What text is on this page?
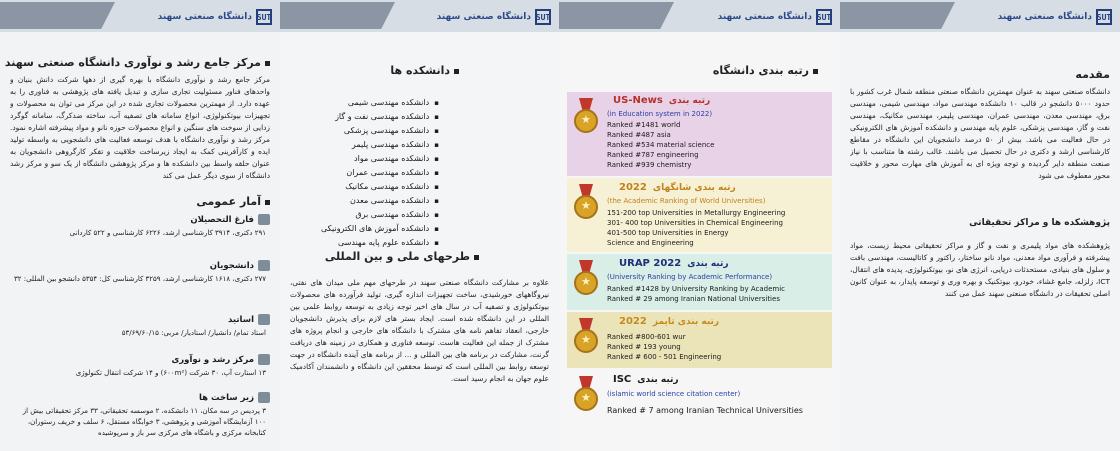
SUT
دانشگاه صنعتی سهند
مرکز جامع رشد و نوآوری دانشگاه صنعتی سهند

مرکز جامع رشد و نوآوری دانشگاه با بهره گیری از دهها شرکت دانش بنیان و واحدهای فناور مسئولیت تجاری سازی و تبدیل یافته های پژوهشی به فناوری را به عهده دارد. از مهمترین محصولات تجاری شده در این مرکز می توان به محصولات و تجهیزات بیوتکنولوژی، انواع سامانه های تصفیه آب، ساخته ضدکرگ، سامانه گوگرد زدایی از سوخت های سنگین و انواع محصولات حوزه نانو و مواد پیشرفته اشاره نمود. مرکز رشد و نوآوری دانشگاه با هدف توسعه فعالیت های دانشجویی به واسطه تولید ایده و کارآفرینی کمک به ایجاد زیرساخت خلاقیت و تفکر کارگروهی دانشجویان به عنوان حلقه واسط بین دانشکده ها و مرکز پژوهشی دانشگاه از یک سو و مرکز رشد دانشگاه از سوی دیگر عمل می کند

آمار عمومی
فارغ التحصیلان
۲۹۱ دکتری، ۳۹۱۴ کارشناسی ارشد، ۶۲۲۶ کارشناسی و ۵۲۲ کاردانی
دانشجویان
۲۷۷ دکتری، ۱۶۱۸ کارشناسی ارشد، ۳۲۵۹ کارشناسی کل: ۵۳۵۴ دانشجو بین المللی: ۳۲
اساتید
استاد تمام/ دانشیار/ استادیار/ مربی: ۵۳/۶۹/۶۰/۱۵
مرکز رشد و نوآوری
۱۳ استارت آپ، ۳۰ شرکت (۶۰۰m²) و ۱۴ شرکت انتقال تکنولوژی
زیر ساخت ها
۳ پردیس در سه مکان، ۱۱ دانشکده، ۲ موسسه تحقیقاتی، ۳۳ مرکز تحقیقاتی بیش از ۱۰۰ آزمایشگاه آموزشی و پژوهشی، ۳ خوابگاه مستقل، ۶ سلف و خریف رستوران، کتابخانه مرکزی و باشگاه های مرکزی سر باز و سرپوشیده
SUT
دانشگاه صنعتی سهند
دانشکده ها
▪ دانشکده مهندسی شیمی
▪ دانشکده مهندسی نفت و گاز
▪ دانشکده مهندسی پزشکی
▪ دانشکده مهندسی پلیمر
▪ دانشکده مهندسی مواد
▪ دانشکده مهندسی عمران
▪ دانشکده مهندسی مکانیک
▪ دانشکده مهندسی معدن
▪ دانشکده مهندسی برق
▪ دانشکده آموزش های الکترونیکی
▪ دانشکده علوم پایه مهندسی
طرحهای ملی و بین المللی

علاوه بر مشارکت دانشگاه صنعتی سهند در طرحهای مهم ملی میدان های نفتی، نیروگاههای خورشیدی، ساخت تجهیزات اندازه گیری، تولید فرآورده های محصولات بیوتکنولوژی و تصفیه آب در سال های اخیر توجه زیادی به توسعه روابط علمی بین المللی در این دانشگاه شده است. ایجاد بستر های لازم برای پذیرش دانشجویان خارجی، انعقاد تفاهم نامه های مشترک با دانشگاه های خارجی و انجام پروژه های مشترک از جمله این فعالیت هاست. توسعه فناوری و همکاری در زمینه های دریافت گرنت، مشارکت در برنامه های بین المللی و ... از برنامه های آینده دانشگاه در جهت توسعه روابط بین المللی است که توسط محققین این دانشگاه و دانشمندان آکادمیک علوم جهان به انجام رسید است.

SUT
دانشگاه صنعتی سهند
رتبه بندی دانشگاه
★
US-News رتبه بندی
(in Education system in 2022)
Ranked #1481 world
Ranked #487 asia
Ranked #534 material science
Ranked #787 engineering
Ranked #939 chemistry
★
2022 رتبه بندی شانگهای
(the Academic Ranking of World Universities)
151-200 top Universities in Metallurgy Engineering
301- 400 top Universities in Chemical Engineering
401-500 top Universities in Energy
Science and Engineering
★
URAP 2022 رتبه بندی
(University Ranking by Academic Performance)
Ranked #1428 by University Ranking by Academic
Ranked # 29 among Iranian National Universities
★
2022 رتبه بندی تایمز
Ranked #800-601 wur
Ranked # 193 young
Ranked # 600 - 501 Engineering
★
ISC رتبه بندی
(islamic world science citation center)
Ranked # 7 among Iranian Technical Universities
SUT
دانشگاه صنعتی سهند
مقدمه

دانشگاه صنعتی سهند به عنوان مهمترین دانشگاه صنعتی منطقه شمال غرب کشور با حدود ۵۰۰۰ دانشجو در قالب ۱۰ دانشکده مهندسی مواد، مهندسی شیمی، مهندسی برق، مهندسی معدن، مهندسی عمران، مهندسی پلیمر، مهندسی مکانیک، مهندسی نفت و گاز، مهندسی پزشکی، علوم پایه مهندسی و دانشکده آموزش های الکترونیکی در حال فعالیت می باشد. بیش از ۵۰ درصد دانشجویان این دانشگاه در مقاطع کارشناسی ارشد و دکتری در حال تحصیل می باشند. غالب رشته ها متناسب با نیاز صنعت منطقه دایر گردیده و توجه ویژه ای به آموزش های مهارت محور و خلاقیت محور معطوف می شود

پژوهشکده ها و مراکز تحقیقاتی

پژوهشکده های مواد پلیمری و نفت و گاز و مراکز تحقیقاتی محیط زیست، مواد پیشرفته و فرآوری مواد معدنی، مواد نانو ساختار، راکتور و کاتالیست، مهندسی بافت و سلول های بنیادی، مستحدثات دریایی، انرژی های نو، بیوتکنولوژی، پدیده های انتقال، ICT، زلزله، جامع غشاء، خودرو، بیوتکنیک و بهره وری و توسعه پایدار، به عنوان کانون اصلی تحقیقات در دانشگاه صنعتی سهند عمل می کنند
